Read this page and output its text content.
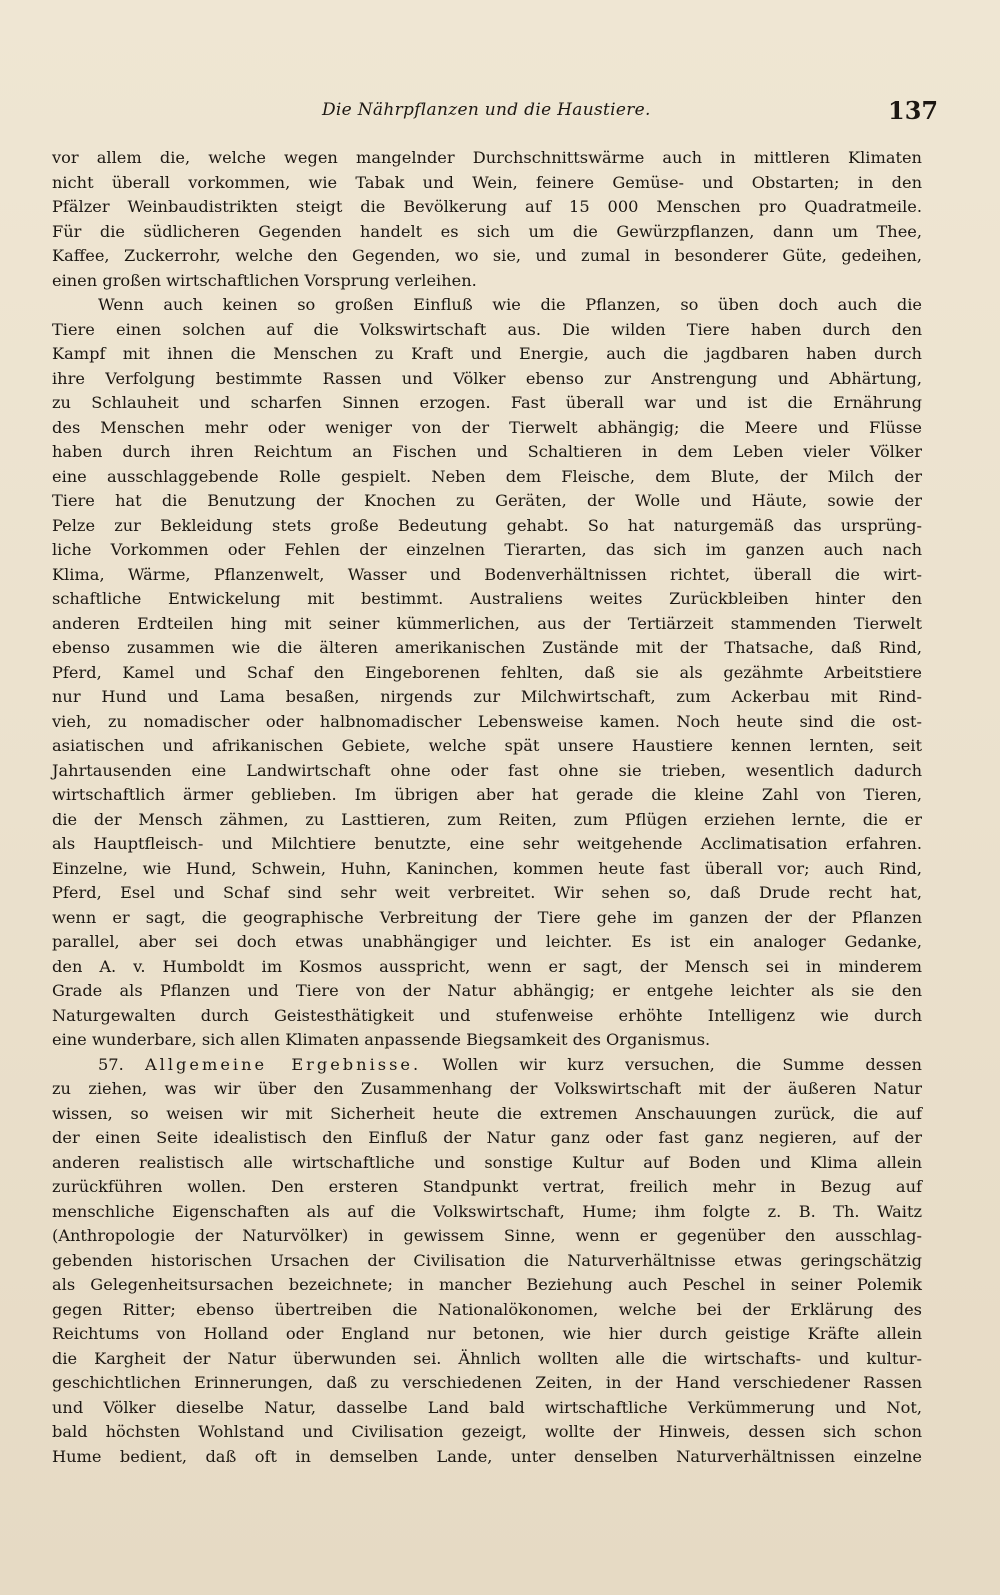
Die Nährpflanzen und die Haustiere.	137
vor allem die, welche wegen mangelnder Durchschnittswärme auch in mittleren Klimaten
nicht überall vorkommen, wie Tabak und Wein, feinere Gemüse- und Obstarten; in den
Pfälzer Weinbaudistrikten steigt die Bevölkerung auf 15 000 Menschen pro Quadratmeile.
Für die südlicheren Gegenden handelt es sich um die Gewürzpflanzen, dann um Thee,
Kaffee, Zuckerrohr, welche den Gegenden, wo sie, und zumal in besonderer Güte, gedeihen,
einen großen wirtschaftlichen Vorsprung verleihen.
Wenn auch keinen so großen Einfluß wie die Pflanzen, so üben doch auch die
Tiere einen solchen auf die Volkswirtschaft aus. Die wilden Tiere haben durch den
Kampf mit ihnen die Menschen zu Kraft und Energie, auch die jagdbaren haben durch
ihre Verfolgung bestimmte Rassen und Völker ebenso zur Anstrengung und Abhärtung,
zu Schlauheit und scharfen Sinnen erzogen. Fast überall war und ist die Ernährung
des Menschen mehr oder weniger von der Tierwelt abhängig; die Meere und Flüsse
haben durch ihren Reichtum an Fischen und Schaltieren in dem Leben vieler Völker
eine ausschlaggebende Rolle gespielt. Neben dem Fleische, dem Blute, der Milch der
Tiere hat die Benutzung der Knochen zu Geräten, der Wolle und Häute, sowie der
Pelze zur Bekleidung stets große Bedeutung gehabt. So hat naturgemäß das ursprüng-
liche Vorkommen oder Fehlen der einzelnen Tierarten, das sich im ganzen auch nach
Klima, Wärme, Pflanzenwelt, Wasser und Bodenverhältnissen richtet, überall die wirt-
schaftliche Entwickelung mit bestimmt. Australiens weites Zurückbleiben hinter den
anderen Erdteilen hing mit seiner kümmerlichen, aus der Tertiärzeit stammenden Tierwelt
ebenso zusammen wie die älteren amerikanischen Zustände mit der Thatsache, daß Rind,
Pferd, Kamel und Schaf den Eingeborenen fehlten, daß sie als gezähmte Arbeitstiere
nur Hund und Lama besaßen, nirgends zur Milchwirtschaft, zum Ackerbau mit Rind-
vieh, zu nomadischer oder halbnomadischer Lebensweise kamen. Noch heute sind die ost-
asiatischen und afrikanischen Gebiete, welche spät unsere Haustiere kennen lernten, seit
Jahrtausenden eine Landwirtschaft ohne oder fast ohne sie trieben, wesentlich dadurch
wirtschaftlich ärmer geblieben. Im übrigen aber hat gerade die kleine Zahl von Tieren,
die der Mensch zähmen, zu Lasttieren, zum Reiten, zum Pflügen erziehen lernte, die er
als Hauptfleisch- und Milchtiere benutzte, eine sehr weitgehende Acclimatisation erfahren.
Einzelne, wie Hund, Schwein, Huhn, Kaninchen, kommen heute fast überall vor; auch Rind,
Pferd, Esel und Schaf sind sehr weit verbreitet. Wir sehen so, daß Drude recht hat,
wenn er sagt, die geographische Verbreitung der Tiere gehe im ganzen der der Pflanzen
parallel, aber sei doch etwas unabhängiger und leichter. Es ist ein analoger Gedanke,
den A. v. Humboldt im Kosmos ausspricht, wenn er sagt, der Mensch sei in minderem
Grade als Pflanzen und Tiere von der Natur abhängig; er entgehe leichter als sie den
Naturgewalten durch Geistesthätigkeit und stufenweise erhöhte Intelligenz wie durch
eine wunderbare, sich allen Klimaten anpassende Biegsamkeit des Organismus.
57. Allgemeine Ergebnisse. Wollen wir kurz versuchen, die Summe dessen
zu ziehen, was wir über den Zusammenhang der Volkswirtschaft mit der äußeren Natur
wissen, so weisen wir mit Sicherheit heute die extremen Anschauungen zurück, die auf
der einen Seite idealistisch den Einfluß der Natur ganz oder fast ganz negieren, auf der
anderen realistisch alle wirtschaftliche und sonstige Kultur auf Boden und Klima allein
zurückführen wollen. Den ersteren Standpunkt vertrat, freilich mehr in Bezug auf
menschliche Eigenschaften als auf die Volkswirtschaft, Hume; ihm folgte z. B. Th. Waitz
(Anthropologie der Naturvölker) in gewissem Sinne, wenn er gegenüber den ausschlag-
gebenden historischen Ursachen der Civilisation die Naturverhältnisse etwas geringschätzig
als Gelegenheitsursachen bezeichnete; in mancher Beziehung auch Peschel in seiner Polemik
gegen Ritter; ebenso übertreiben die Nationalökonomen, welche bei der Erklärung des
Reichtums von Holland oder England nur betonen, wie hier durch geistige Kräfte allein
die Kargheit der Natur überwunden sei. Ähnlich wollten alle die wirtschafts- und kultur-
geschichtlichen Erinnerungen, daß zu verschiedenen Zeiten, in der Hand verschiedener Rassen
und Völker dieselbe Natur, dasselbe Land bald wirtschaftliche Verkümmerung und Not,
bald höchsten Wohlstand und Civilisation gezeigt, wollte der Hinweis, dessen sich schon
Hume bedient, daß oft in demselben Lande, unter denselben Naturverhältnissen einzelne
